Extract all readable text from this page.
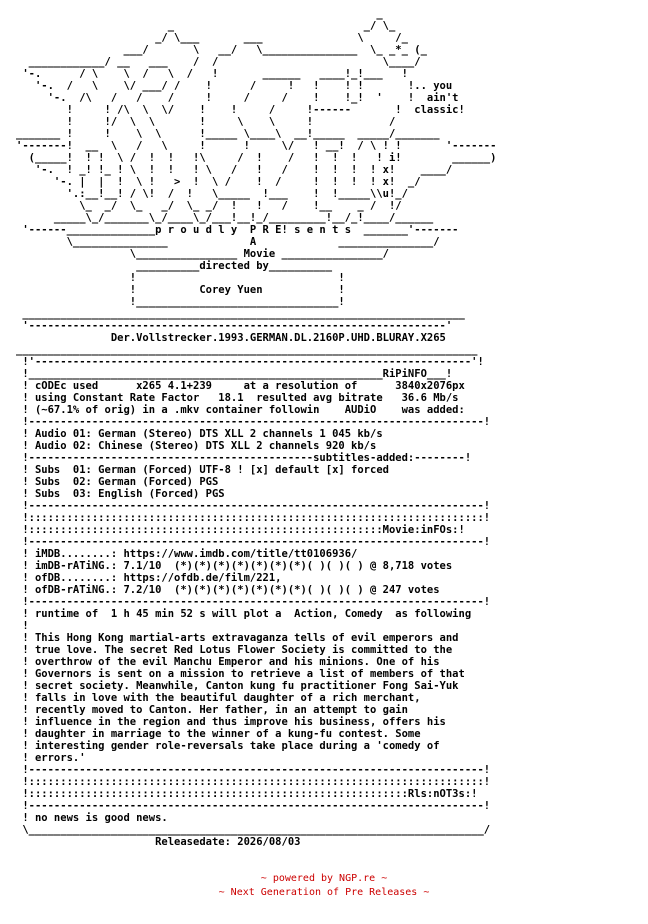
_
_                              _/ \_
_/ \___       ___               \     /_
___/       \   __/   \_______________  \_ _*_ (_
____________/ __   ___    /  /                          \____/
'-.      / \    \  /   \  /   !       ______   ____!_!___   !
'-.  /   \    \/ ___/ /    !      /     !   !    ! !       !.. you
'-.  /\   /   /    /     !     /     /    !    !_!  '    !  ain't
!     ! /\  \  \/    !    !     /     !------       !  classic!
!     !/  \  \       !     \    \     !            /
_______ !     !    \  \      !_____ \____\  __!_____  _____/_______
'-------!  __  \   /   \     !      !     \/   ! __!  / \ ! !       '-------
(_____!  ! !  \ /  !  !   !\     /  !    /   !  !  !   ! i!        ______)
'-.  ! _! !_ ! \  !  !   ! \   /   !   /    !  !  !  ! x!    ____/
'-. |  |  !  \ !   >  !  \ /    !  /     !  !  !  ! x!  _/
'.:__!__! / \!  /  !   \_____  !___    !  !_____\\u!_/
\_  _/  \_   _/  \_ _/  !   !   /    !__    _ /  !/
_____\_/_______\_/____\_/___!__!_/_________!__/_!____/______
'------______________p r o u d l y  P R E! s e n t s  _______'-------
\_______________             A             _______________/
\________________ Movie ________________/
__________directed by__________
!                                !
!          Corey Yuen            !
!________________________________!
______________________________________________________________________
'------------------------------------------------------------------'
Der.Vollstrecker.1993.GERMAN.DL.2160P.UHD.BLURAY.X265
_________________________________________________________________________
!'---------------------------------------------------------------------'!
!________________________________________________________RiPiNFO___!
! cODEc used      x265 4.1+239     at a resolution of      3840x2076px
! using Constant Rate Factor   18.1  resulted avg bitrate   36.6 Mb/s
! (~67.1% of orig) in a .mkv container followin    AUDiO    was added:
!------------------------------------------------------------------------!
! Audio 01: German (Stereo) DTS XLL 2 channels 1 045 kb/s
! Audio 02: Chinese (Stereo) DTS XLL 2 channels 920 kb/s
!---------------------------------------------subtitles-added:--------!
! Subs  01: German (Forced) UTF-8 ! [x] default [x] forced
! Subs  02: German (Forced) PGS
! Subs  03: English (Forced) PGS
!------------------------------------------------------------------------!
!::::::::::::::::::::::::::::::::::::::::::::::::::::::::::::::::::::::::!
!::::::::::::::::::::::::::::::::::::::::::::::::::::::::Movie:inFOs:!
!------------------------------------------------------------------------!
! iMDB........: https://www.imdb.com/title/tt0106936/
! imDB-rATiNG.: 7.1/10  (*)(*)(*)(*)(*)(*)(*)( )( )( ) @ 8,718 votes
! ofDB........: https://ofdb.de/film/221,
! ofDB-rATiNG.: 7.2/10  (*)(*)(*)(*)(*)(*)(*)( )( )( ) @ 247 votes
!------------------------------------------------------------------------!
! runtime of  1 h 45 min 52 s will plot a  Action, Comedy  as following
!
! This Hong Kong martial-arts extravaganza tells of evil emperors and
! true love. The secret Red Lotus Flower Society is committed to the
! overthrow of the evil Manchu Emperor and his minions. One of his
! Governors is sent on a mission to retrieve a list of members of that
! secret society. Meanwhile, Canton kung fu practitioner Fong Sai-Yuk
! falls in love with the beautiful daughter of a rich merchant,
! recently moved to Canton. Her father, in an attempt to gain
! influence in the region and thus improve his business, offers his
! daughter in marriage to the winner of a kung-fu contest. Some
! interesting gender role-reversals take place during a 'comedy of
! errors.'
!------------------------------------------------------------------------!
!::::::::::::::::::::::::::::::::::::::::::::::::::::::::::::::::::::::::!
!::::::::::::::::::::::::::::::::::::::::::::::::::::::::::::Rls:nOT3s:!
!------------------------------------------------------------------------!
! no news is good news.
\________________________________________________________________________/
Releasedate: 2026/08/03
~ powered by NGP.re ~
~ Next Generation of Pre Releases ~
